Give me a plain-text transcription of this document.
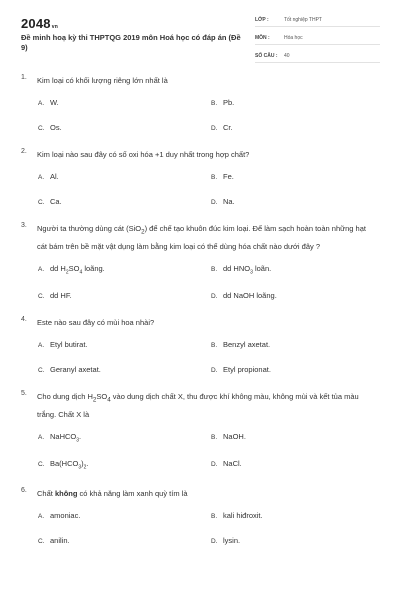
2048vn
Đề minh hoạ kỳ thi THPTQG 2019 môn Hoá học có đáp án (Đề 9)
LỚP :	Tốt nghiệp THPT
MÔN :	Hóa học
SỐ CÂU :	40
1.	Kim loại có khối lượng riêng lớn nhất là
A. W.	B. Pb.
C. Os.	D. Cr.
2.	Kim loại nào sau đây có số oxi hóa +1 duy nhất trong hợp chất?
A. Al.	B. Fe.
C. Ca.	D. Na.
3.	Người ta thường dùng cát (SiO$_2$) để chế tạo khuôn đúc kim loại. Để làm sạch hoàn toàn những hạt cát bám trên bề mặt vật dụng làm bằng kim loại có thể dùng hóa chất nào dưới đây ?
A. dd $H_2SO_4$ loãng.	B. dd $HNO_3$ loãn.
C. dd HF.	D. dd NaOH loãng.
4.	Este nào sau đây có mùi hoa nhài?
A. Etyl butirat.	B. Benzyl axetat.
C. Geranyl axetat.	D. Etyl propionat.
5.	Cho dung dịch $H_2SO_4$ vào dung dịch chất X, thu được khí không màu, không mùi và kết tủa màu trắng. Chất X là
A. NaHCO$_3$.	B. NaOH.
C. $Ba(HCO_3)_2$.	D. NaCl.
6.	Chất không có khả năng làm xanh quỳ tím là
A. amoniac.	B. kali hiđroxit.
C. anilin.	D. lysin.
